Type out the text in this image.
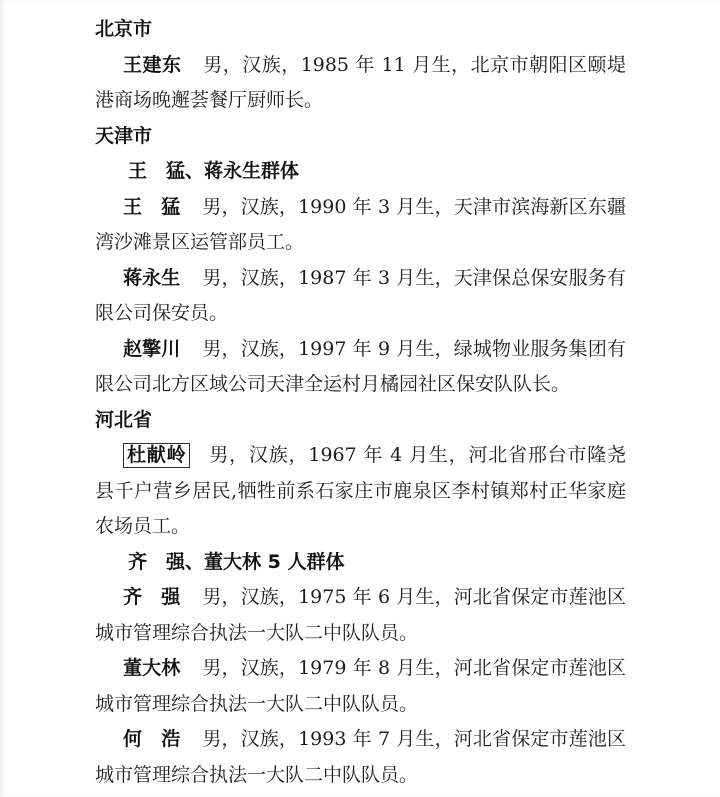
北京市

王建东 男，汉族，1985 年 11 月生，北京市朝阳区颐堤港商场晚邂荟餐厅厨师长。

天津市

王　猛、蒋永生群体

王　猛 男，汉族，1990 年 3 月生，天津市滨海新区东疆湾沙滩景区运管部员工。

蒋永生 男，汉族，1987 年 3 月生，天津保总保安服务有限公司保安员。

赵擎川 男，汉族，1997 年 9 月生，绿城物业服务集团有限公司北方区域公司天津全运村月橘园社区保安队队长。

河北省

杜献岭 男，汉族，1967 年 4 月生，河北省邢台市隆尧县千户营乡居民,牺牲前系石家庄市鹿泉区李村镇郑村正华家庭农场员工。

齐　强、董大林 5 人群体

齐　强 男，汉族，1975 年 6 月生，河北省保定市莲池区城市管理综合执法一大队二中队队员。

董大林 男，汉族，1979 年 8 月生，河北省保定市莲池区城市管理综合执法一大队二中队队员。

何　浩 男，汉族，1993 年 7 月生，河北省保定市莲池区城市管理综合执法一大队二中队队员。
